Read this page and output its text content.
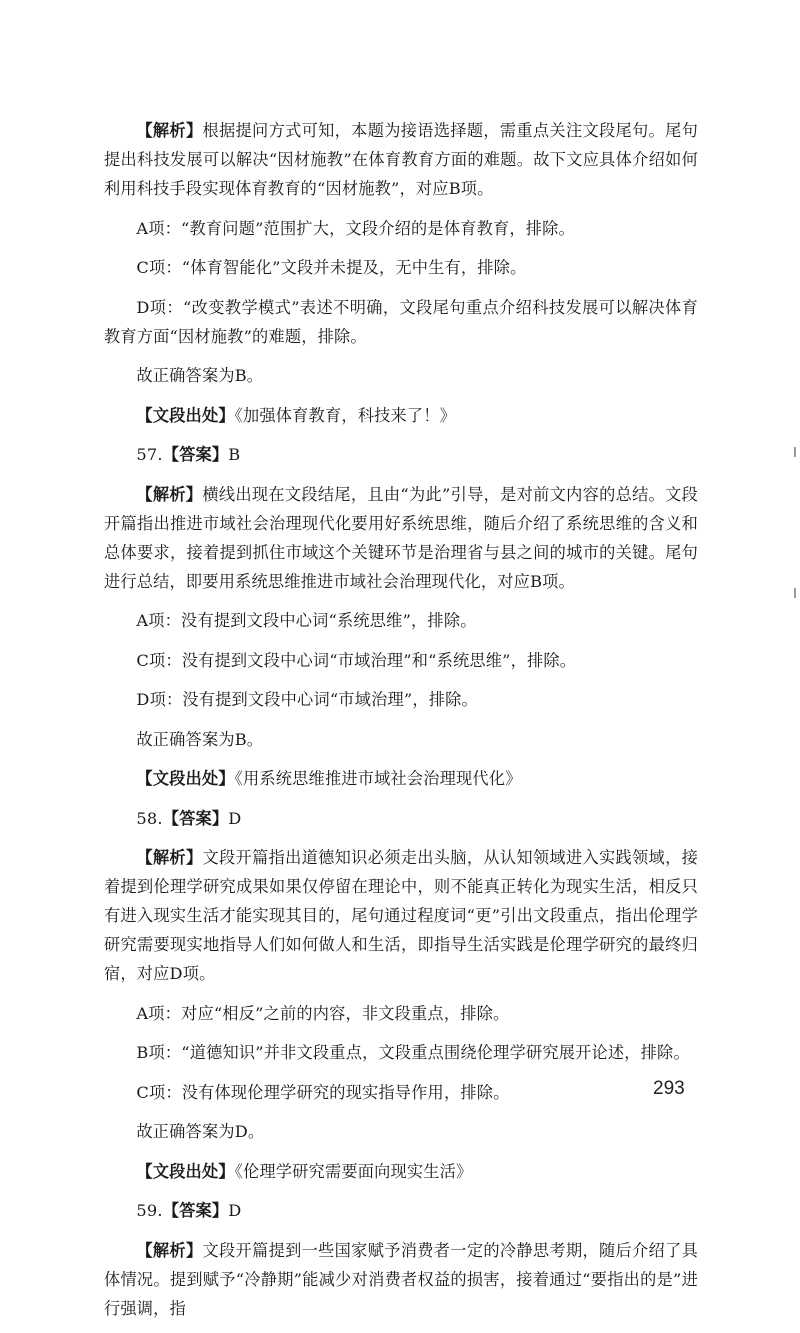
【解析】根据提问方式可知，本题为接语选择题，需重点关注文段尾句。尾句提出科技发展可以解决“因材施教”在体育教育方面的难题。故下文应具体介绍如何利用科技手段实现体育教育的“因材施教”，对应B项。

A项：“教育问题”范围扩大，文段介绍的是体育教育，排除。

C项：“体育智能化”文段并未提及，无中生有，排除。

D项：“改变教学模式”表述不明确，文段尾句重点介绍科技发展可以解决体育教育方面“因材施教”的难题，排除。

故正确答案为B。

【文段出处】《加强体育教育，科技来了！》

57.【答案】B

【解析】横线出现在文段结尾，且由“为此”引导，是对前文内容的总结。文段开篇指出推进市域社会治理现代化要用好系统思维，随后介绍了系统思维的含义和总体要求，接着提到抓住市域这个关键环节是治理省与县之间的城市的关键。尾句进行总结，即要用系统思维推进市域社会治理现代化，对应B项。

A项：没有提到文段中心词“系统思维”，排除。

C项：没有提到文段中心词“市域治理”和“系统思维”，排除。

D项：没有提到文段中心词“市域治理”，排除。

故正确答案为B。

【文段出处】《用系统思维推进市域社会治理现代化》

58.【答案】D

【解析】文段开篇指出道德知识必须走出头脑，从认知领域进入实践领域，接着提到伦理学研究成果如果仅停留在理论中，则不能真正转化为现实生活，相反只有进入现实生活才能实现其目的，尾句通过程度词“更”引出文段重点，指出伦理学研究需要现实地指导人们如何做人和生活，即指导生活实践是伦理学研究的最终归宿，对应D项。

A项：对应“相反”之前的内容，非文段重点，排除。

B项：“道德知识”并非文段重点，文段重点围绕伦理学研究展开论述，排除。

C项：没有体现伦理学研究的现实指导作用，排除。

故正确答案为D。

【文段出处】《伦理学研究需要面向现实生活》

59.【答案】D

【解析】文段开篇提到一些国家赋予消费者一定的冷静思考期，随后介绍了具体情况。提到赋予“冷静期”能减少对消费者权益的损害，接着通过“要指出的是”进行强调，指

293
